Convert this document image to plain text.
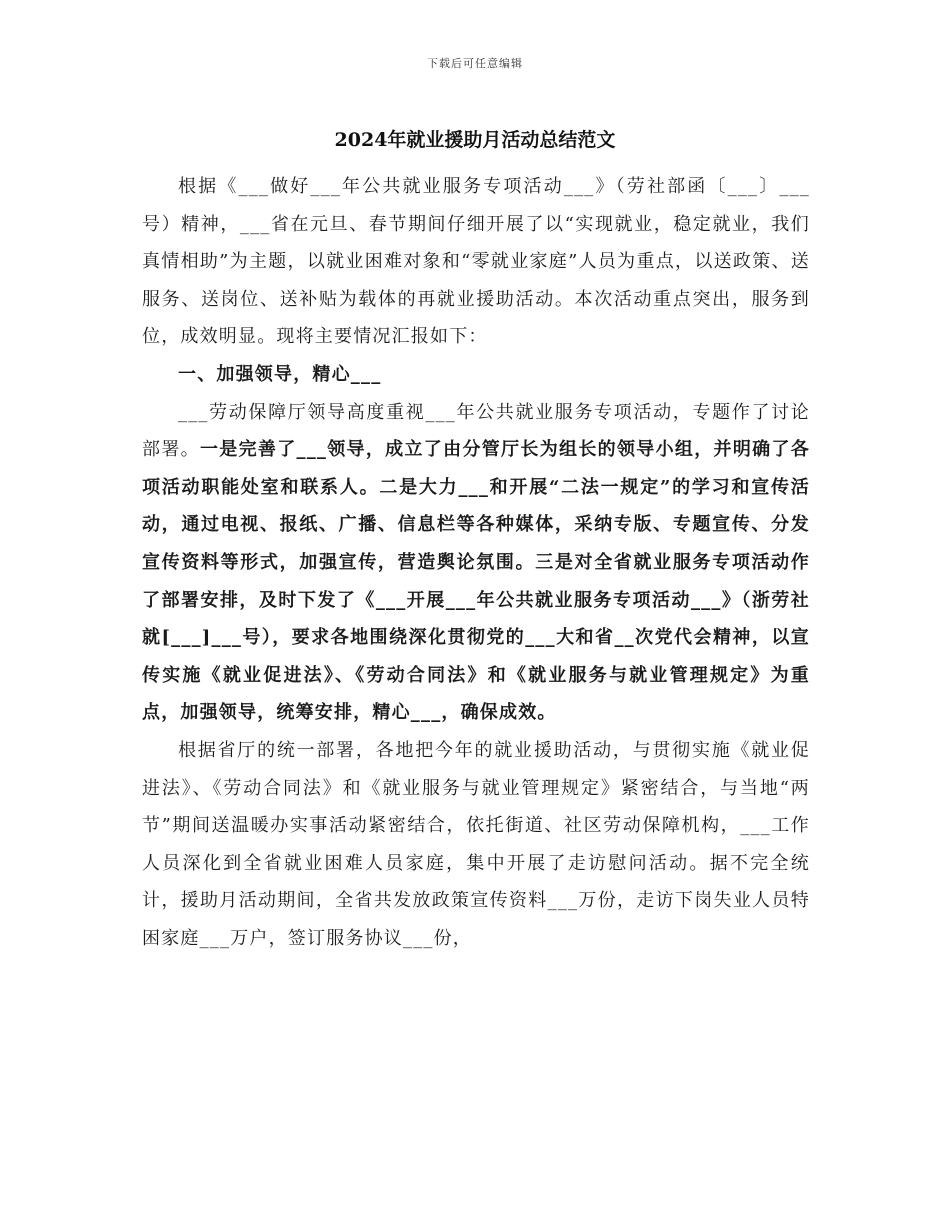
下载后可任意编辑
2024年就业援助月活动总结范文

根据《___做好___年公共就业服务专项活动___》（劳社部函〔___〕___号）精神，___省在元旦、春节期间仔细开展了以“实现就业，稳定就业，我们真情相助”为主题，以就业困难对象和“零就业家庭”人员为重点，以送政策、送服务、送岗位、送补贴为载体的再就业援助活动。本次活动重点突出，服务到位，成效明显。现将主要情况汇报如下：

一、加强领导，精心___

___劳动保障厅领导高度重视___年公共就业服务专项活动，专题作了讨论部署。一是完善了___领导，成立了由分管厅长为组长的领导小组，并明确了各项活动职能处室和联系人。二是大力___和开展“二法一规定”的学习和宣传活动，通过电视、报纸、广播、信息栏等各种媒体，采纳专版、专题宣传、分发宣传资料等形式，加强宣传，营造舆论氛围。三是对全省就业服务专项活动作了部署安排，及时下发了《___开展___年公共就业服务专项活动___》（浙劳社就[___]___号），要求各地围绕深化贯彻党的___大和省__次党代会精神，以宣传实施《就业促进法》、《劳动合同法》和《就业服务与就业管理规定》为重点，加强领导，统筹安排，精心___，确保成效。

根据省厅的统一部署，各地把今年的就业援助活动，与贯彻实施《就业促进法》、《劳动合同法》和《就业服务与就业管理规定》紧密结合，与当地“两节”期间送温暖办实事活动紧密结合，依托街道、社区劳动保障机构，___工作人员深化到全省就业困难人员家庭，集中开展了走访慰问活动。据不完全统计，援助月活动期间，全省共发放政策宣传资料___万份，走访下岗失业人员特困家庭___万户，签订服务协议___份，
